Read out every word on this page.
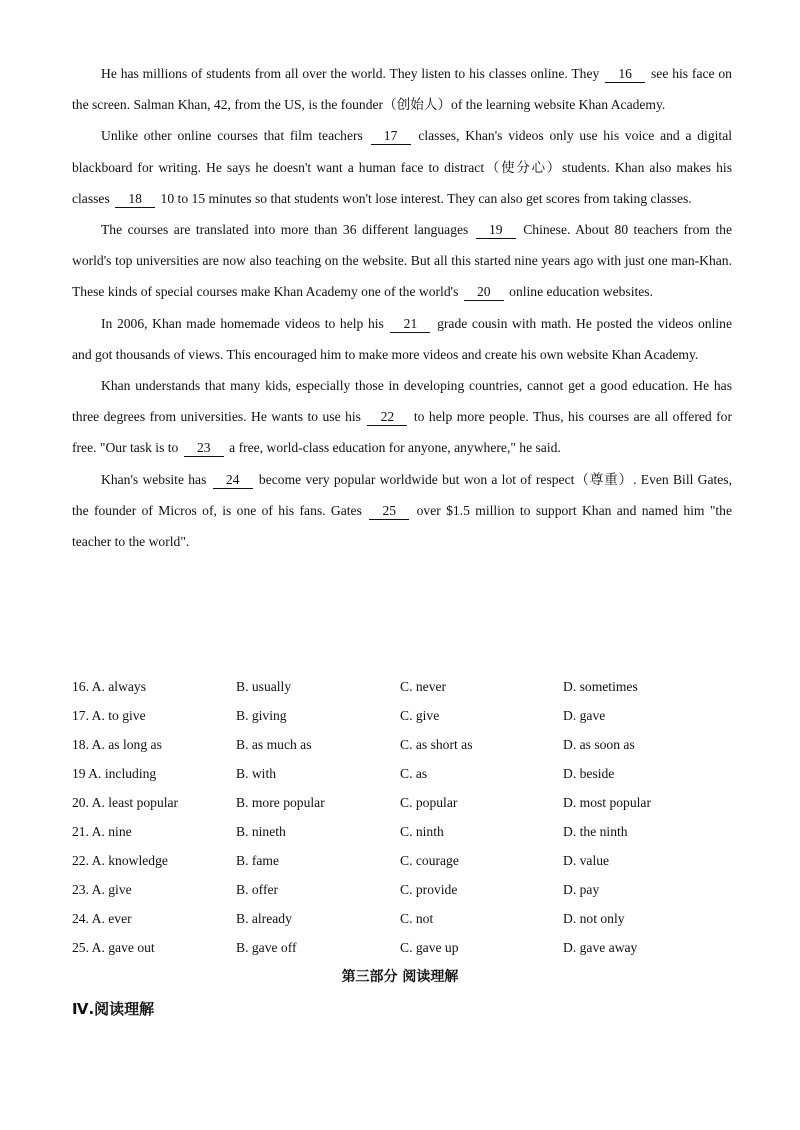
He has millions of students from all over the world. They listen to his classes online. They 16 see his face on the screen. Salman Khan, 42, from the US, is the founder（创始人）of the learning website Khan Academy.

Unlike other online courses that film teachers 17 classes, Khan's videos only use his voice and a digital blackboard for writing. He says he doesn't want a human face to distract（使分心）students. Khan also makes his classes 18 10 to 15 minutes so that students won't lose interest. They can also get scores from taking classes.

The courses are translated into more than 36 different languages 19 Chinese. About 80 teachers from the world's top universities are now also teaching on the website. But all this started nine years ago with just one man-Khan. These kinds of special courses make Khan Academy one of the world's 20 online education websites.

In 2006, Khan made homemade videos to help his 21 grade cousin with math. He posted the videos online and got thousands of views. This encouraged him to make more videos and create his own website Khan Academy.

Khan understands that many kids, especially those in developing countries, cannot get a good education. He has three degrees from universities. He wants to use his 22 to help more people. Thus, his courses are all offered for free. "Our task is to 23 a free, world-class education for anyone, anywhere," he said.

Khan's website has 24 become very popular worldwide but won a lot of respect（尊重）. Even Bill Gates, the founder of Micros of, is one of his fans. Gates 25 over $1.5 million to support Khan and named him "the teacher to the world".

16. A. always	B. usually	C. never	D. sometimes
17. A. to give	B. giving	C. give	D. gave
18. A. as long as	B. as much as	C. as short as	D. as soon as
19 A. including	B. with	C. as	D. beside
20. A. least popular	B. more popular	C. popular	D. most popular
21. A. nine	B. nineth	C. ninth	D. the ninth
22. A. knowledge	B. fame	C. courage	D. value
23. A. give	B. offer	C. provide	D. pay
24. A. ever	B. already	C. not	D. not only
25. A. gave out	B. gave off	C. gave up	D. gave away
第三部分 阅读理解
Ⅳ.阅读理解
